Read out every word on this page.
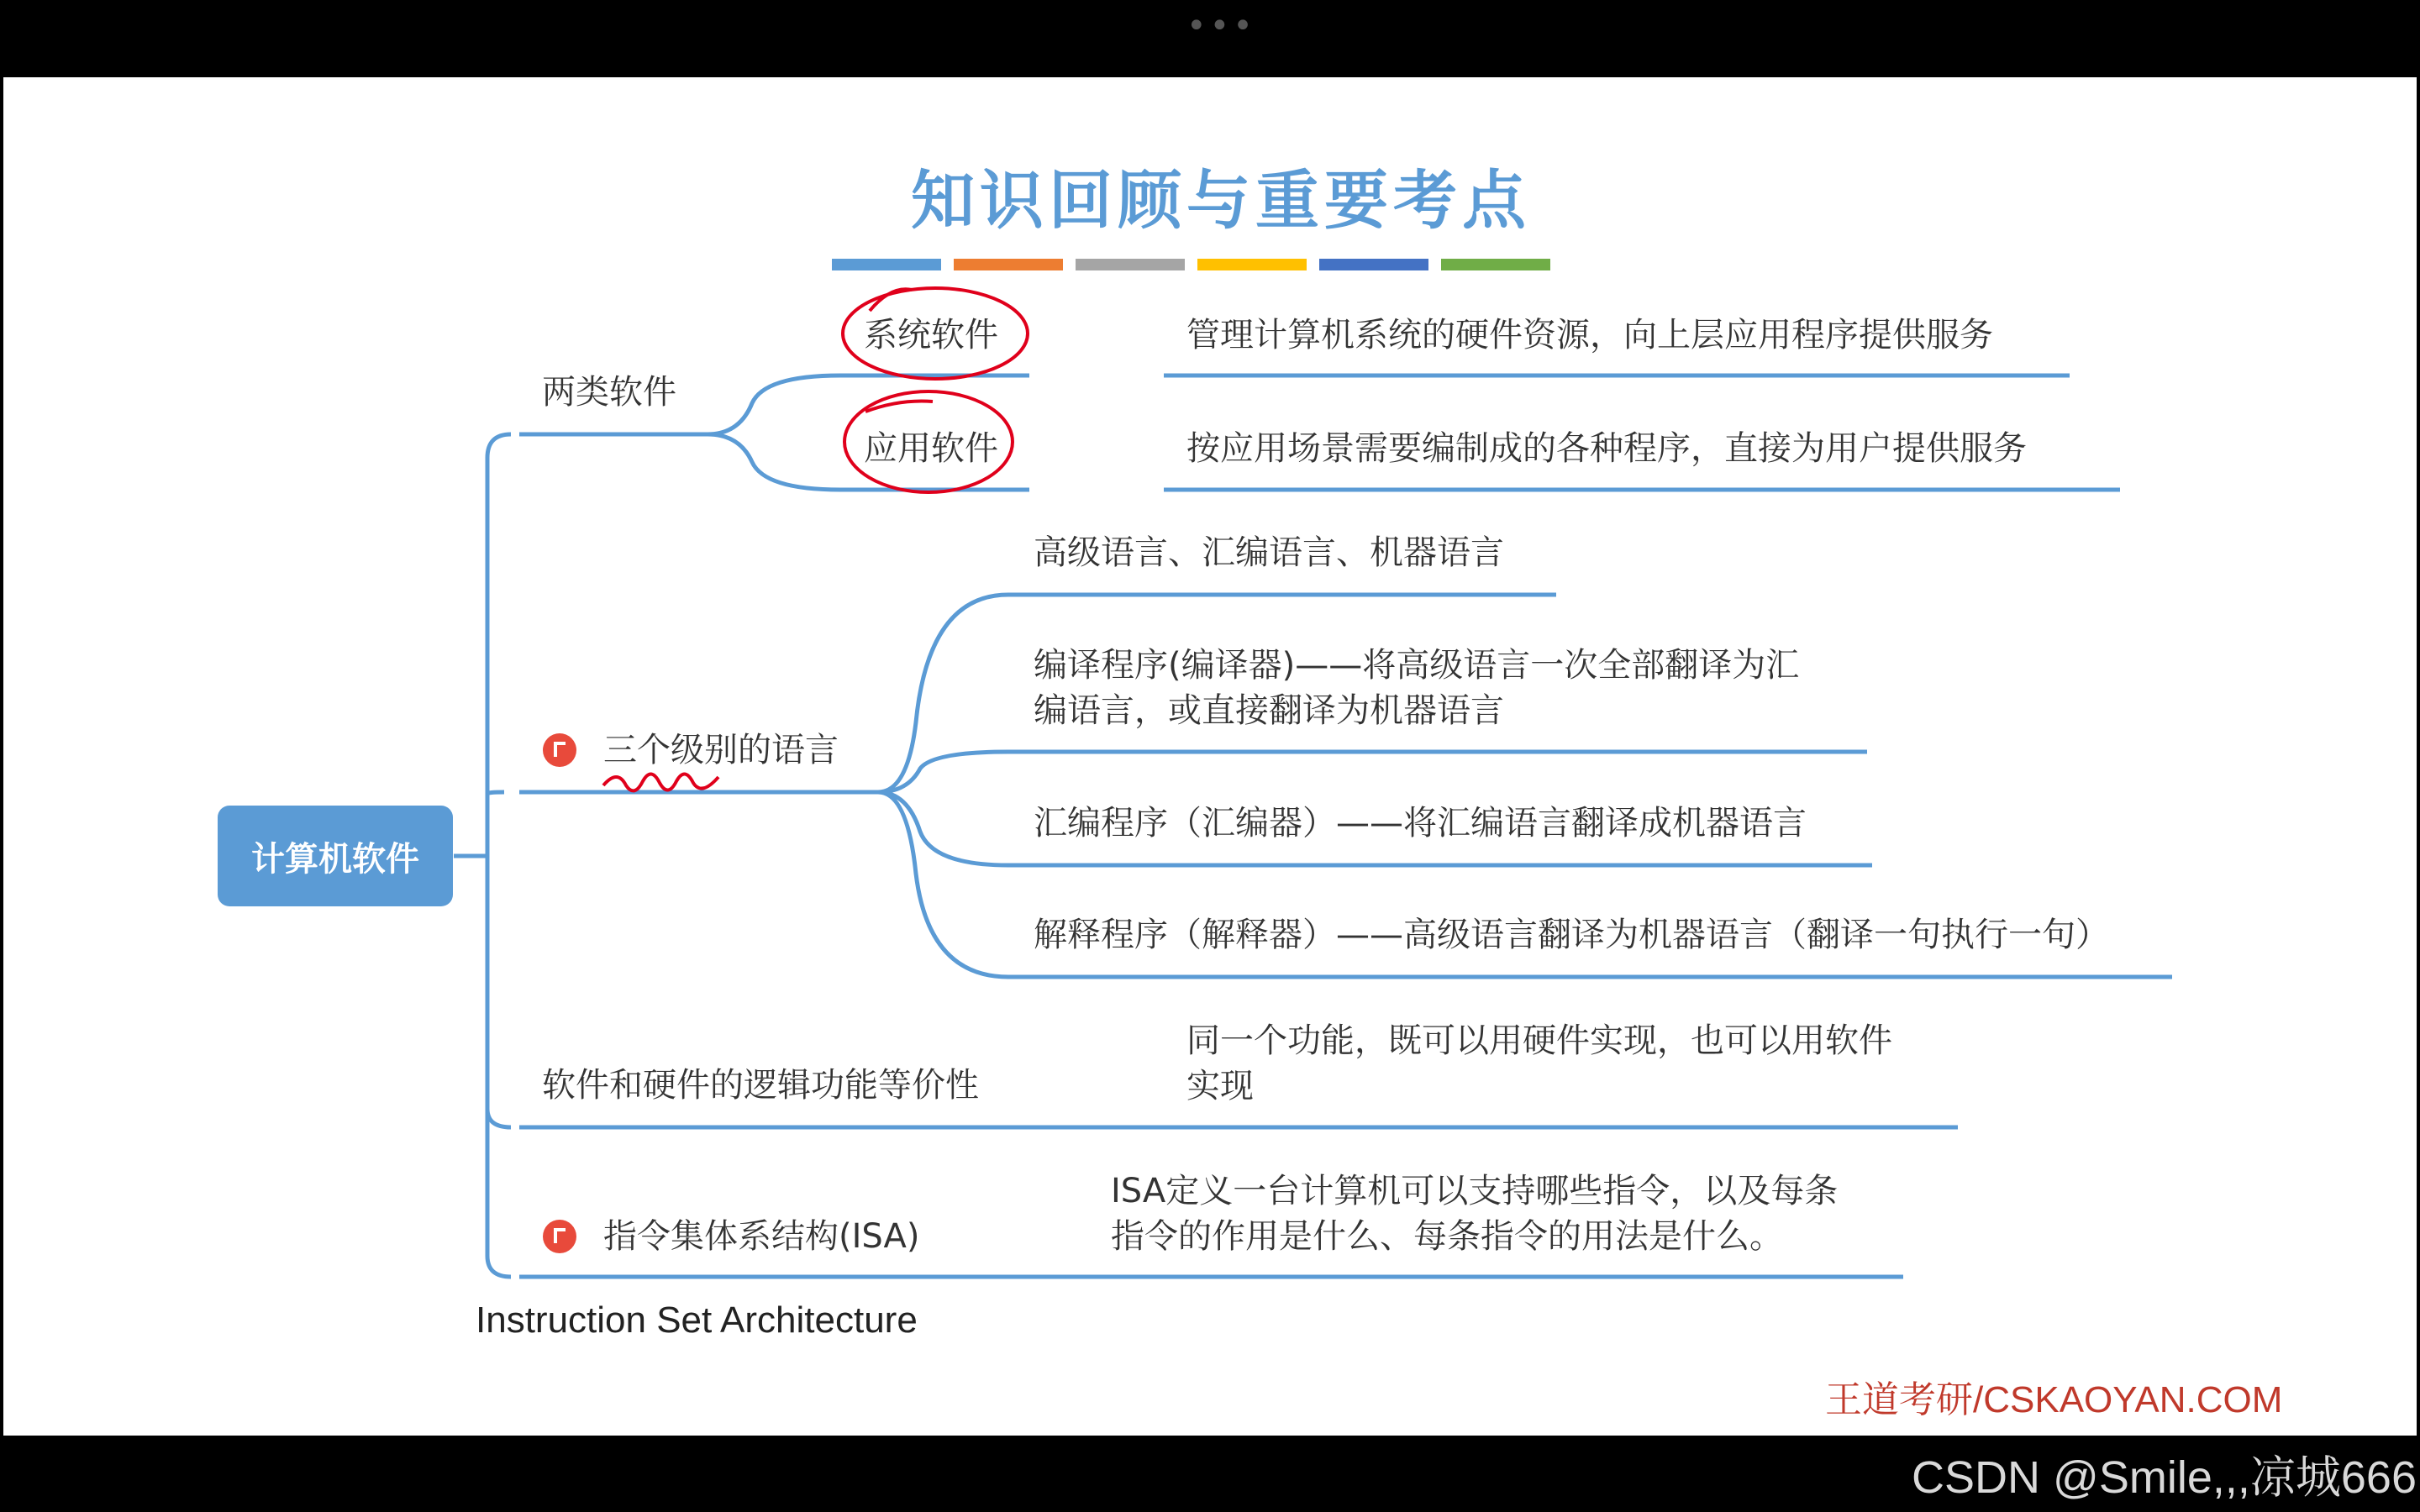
•••
知识回顾与重要考点
计算机软件
两类软件
系统软件	管理计算机系统的硬件资源，向上层应用程序提供服务
应用软件	按应用场景需要编制成的各种程序，直接为用户提供服务
三个级别的语言
高级语言、汇编语言、机器语言
编译程序(编译器)——将高级语言一次全部翻译为汇
编语言，或直接翻译为机器语言
汇编程序（汇编器）——将汇编语言翻译成机器语言
解释程序（解释器）——高级语言翻译为机器语言（翻译一句执行一句）
软件和硬件的逻辑功能等价性
同一个功能，既可以用硬件实现，也可以用软件
实现
指令集体系结构(ISA)
ISA定义一台计算机可以支持哪些指令，以及每条
指令的作用是什么、每条指令的用法是什么。
Instruction Set Architecture
王道考研/CSKAOYAN.COM
CSDN @Smile,,,凉城666
